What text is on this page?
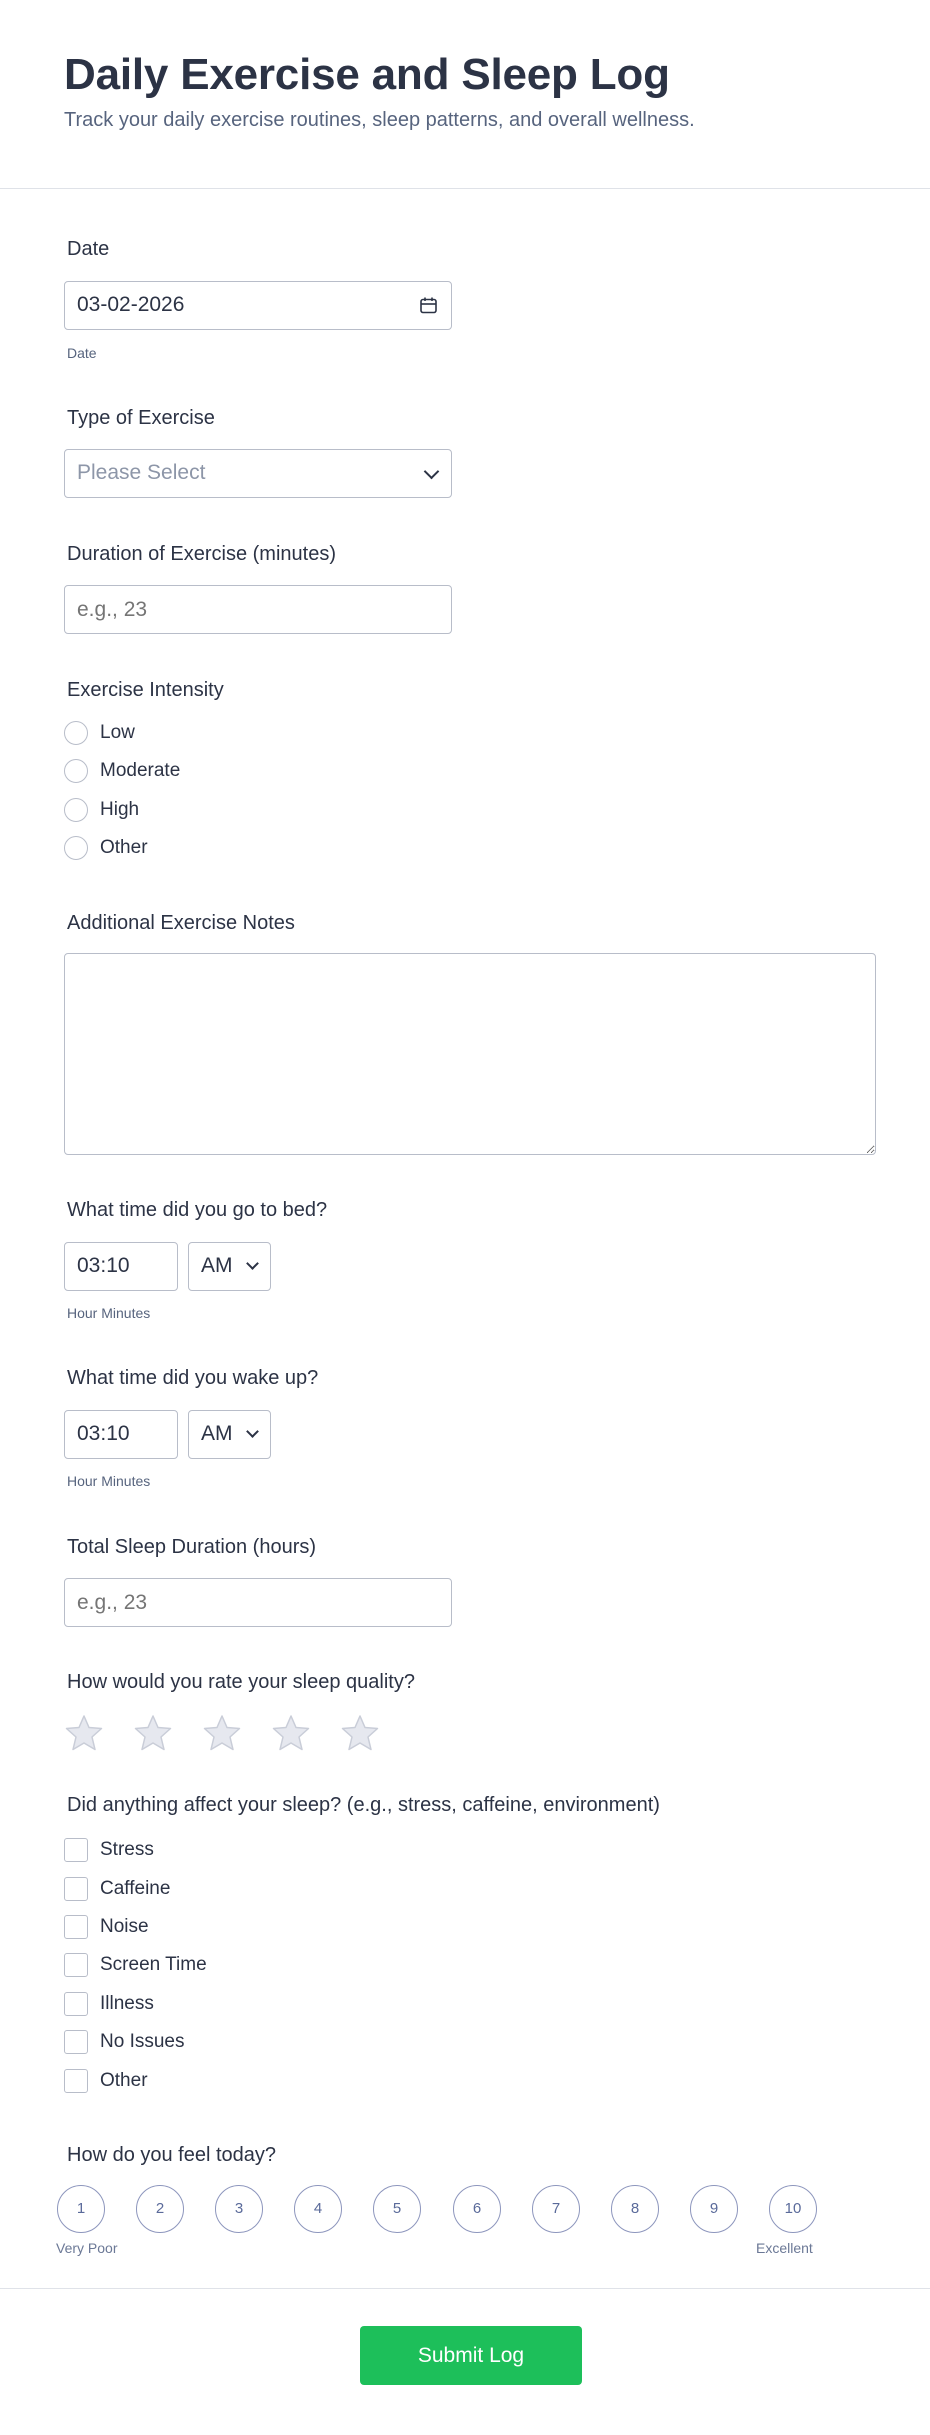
Daily Exercise and Sleep Log
Track your daily exercise routines, sleep patterns, and overall wellness.
Date
03-02-2026
Date
Type of Exercise
Please Select
Duration of Exercise (minutes)
e.g., 23
Exercise Intensity
Low
Moderate
High
Other
Additional Exercise Notes
What time did you go to bed?
03:10	AM
Hour Minutes
What time did you wake up?
03:10	AM
Hour Minutes
Total Sleep Duration (hours)
e.g., 23
How would you rate your sleep quality?
Did anything affect your sleep? (e.g., stress, caffeine, environment)
Stress
Caffeine
Noise
Screen Time
Illness
No Issues
Other
How do you feel today?
1	2	3	4	5	6	7	8	9	10
Very Poor	Excellent
Submit Log
